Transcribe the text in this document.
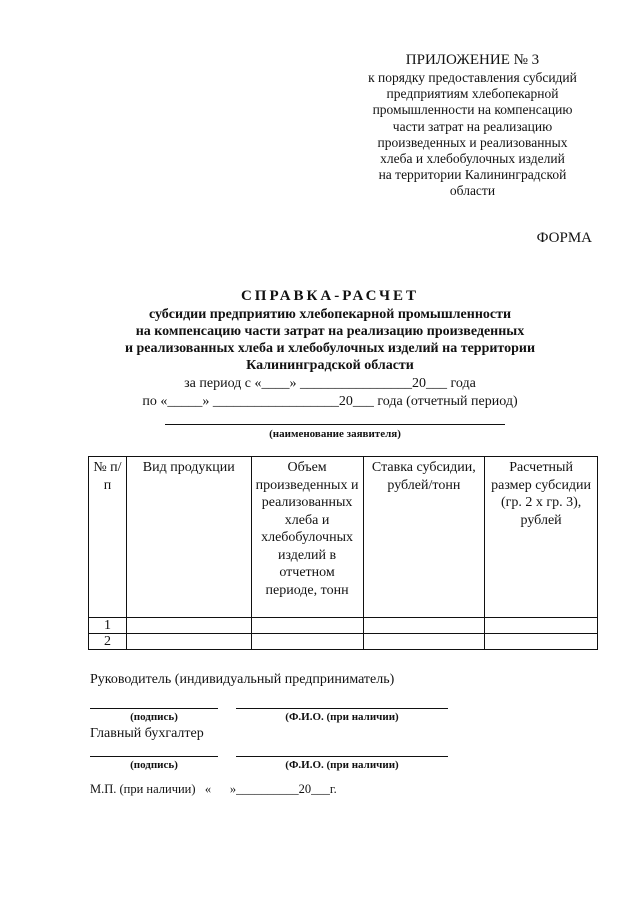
ПРИЛОЖЕНИЕ № 3
к порядку предоставления субсидий
предприятиям хлебопекарной
промышленности на компенсацию
части затрат на реализацию
произведенных и реализованных
хлеба и хлебобулочных изделий
на территории Калининградской
области
ФОРМА
СПРАВКА-РАСЧЕТ
субсидии предприятию хлебопекарной промышленности
на компенсацию части затрат на реализацию произведенных
и реализованных хлеба и хлебобулочных изделий на территории
Калининградской области
за период с «____» ________________20___ года
по «_____» __________________20___ года (отчетный период)
(наименование заявителя)
№ п/п	Вид продукции	Объем произведенных и реализованных хлеба и хлебобулочных изделий в отчетном периоде, тонн	Ставка субсидии, рублей/тонн	Расчетный размер субсидии (гр. 2 х гр. 3), рублей
1				
2				
Руководитель (индивидуальный предприниматель)
(подпись)	(Ф.И.О. (при наличии)
Главный бухгалтер
(подпись)	(Ф.И.О. (при наличии)
М.П. (при наличии)   «      »__________20___г.
